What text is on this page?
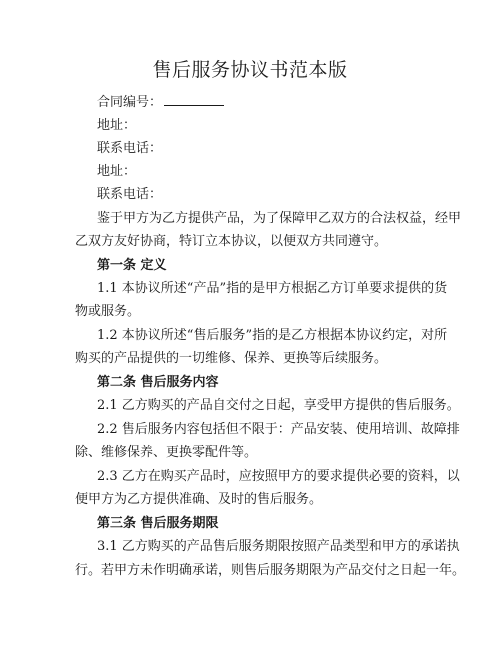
售后服务协议书范本版
合同编号：
地址：
联系电话：
地址：
联系电话：
鉴于甲方为乙方提供产品，为了保障甲乙双方的合法权益，经甲
乙双方友好协商，特订立本协议，以便双方共同遵守。
第一条 定义
1.1 本协议所述“产品”指的是甲方根据乙方订单要求提供的货
物或服务。
1.2 本协议所述“售后服务”指的是乙方根据本协议约定，对所
购买的产品提供的一切维修、保养、更换等后续服务。
第二条 售后服务内容
2.1 乙方购买的产品自交付之日起，享受甲方提供的售后服务。
2.2 售后服务内容包括但不限于：产品安装、使用培训、故障排
除、维修保养、更换零配件等。
2.3 乙方在购买产品时，应按照甲方的要求提供必要的资料，以
便甲方为乙方提供准确、及时的售后服务。
第三条 售后服务期限
3.1 乙方购买的产品售后服务期限按照产品类型和甲方的承诺执
行。若甲方未作明确承诺，则售后服务期限为产品交付之日起一年。
